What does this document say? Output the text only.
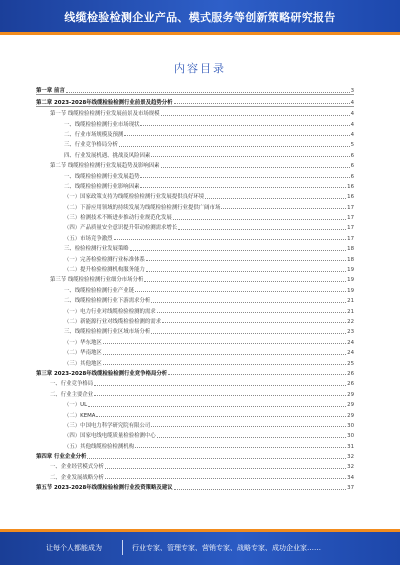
线缆检验检测企业产品、模式服务等创新策略研究报告
内容目录
第一章 前言	3
第二章 2023-2028年线缆检验检测行业前景及趋势分析	4
第一节 线缆检验检测行业发展前景及市场规模	4
一、线缆检验检测行业市场现状	4
二、行业市场规模及预测	4
三、行业竞争格局分析	5
四、行业发展机遇、挑战及风险因素	6
第二节 线缆检验检测行业发展趋势及影响因素	6
一、线缆检验检测行业发展趋势	6
二、线缆检验检测行业影响因素	16
（一）国家政策支持为线缆检验检测行业发展提供良好环境	16
（二）下游应用领域的持续发展为线缆检验检测行业提供广阔市场	17
（三）检测技术不断进步推动行业规范化发展	17
（四）产品质量安全意识提升带动检测需求增长	17
（五）市场竞争激烈	17
三、检验检测行业发展策略	18
（一）完善检验检测行业标准体系	18
（二）提升检验检测机构服务能力	19
第三节 线缆检验检测行业细分市场分析	19
一、线缆检验检测行业产业链	19
二、线缆检验检测行业下游需求分析	21
（一）电力行业对线缆检验检测的需求	21
（二）新能源行业对线缆检验检测的需求	22
三、线缆检验检测行业区域市场分析	23
（一）华东地区	24
（二）华南地区	24
（三）其他地区	25
第三章 2023-2028年线缆检验检测行业竞争格局分析	26
一、行业竞争格局	26
二、行业主要企业	29
（一）UL	29
（二）KEMA	29
（三）中国电力科学研究院有限公司	30
（四）国家电线电缆质量检验检测中心	30
（五）其他线缆检验检测机构	31
第四章 行业企业分析	32
一、企业经营模式分析	32
二、企业发展战略分析	34
第五节 2023-2028年线缆检验检测行业投资策略及建议	37
让每个人都能成为	行业专家、管理专家、营销专家、战略专家、成功企业家……
